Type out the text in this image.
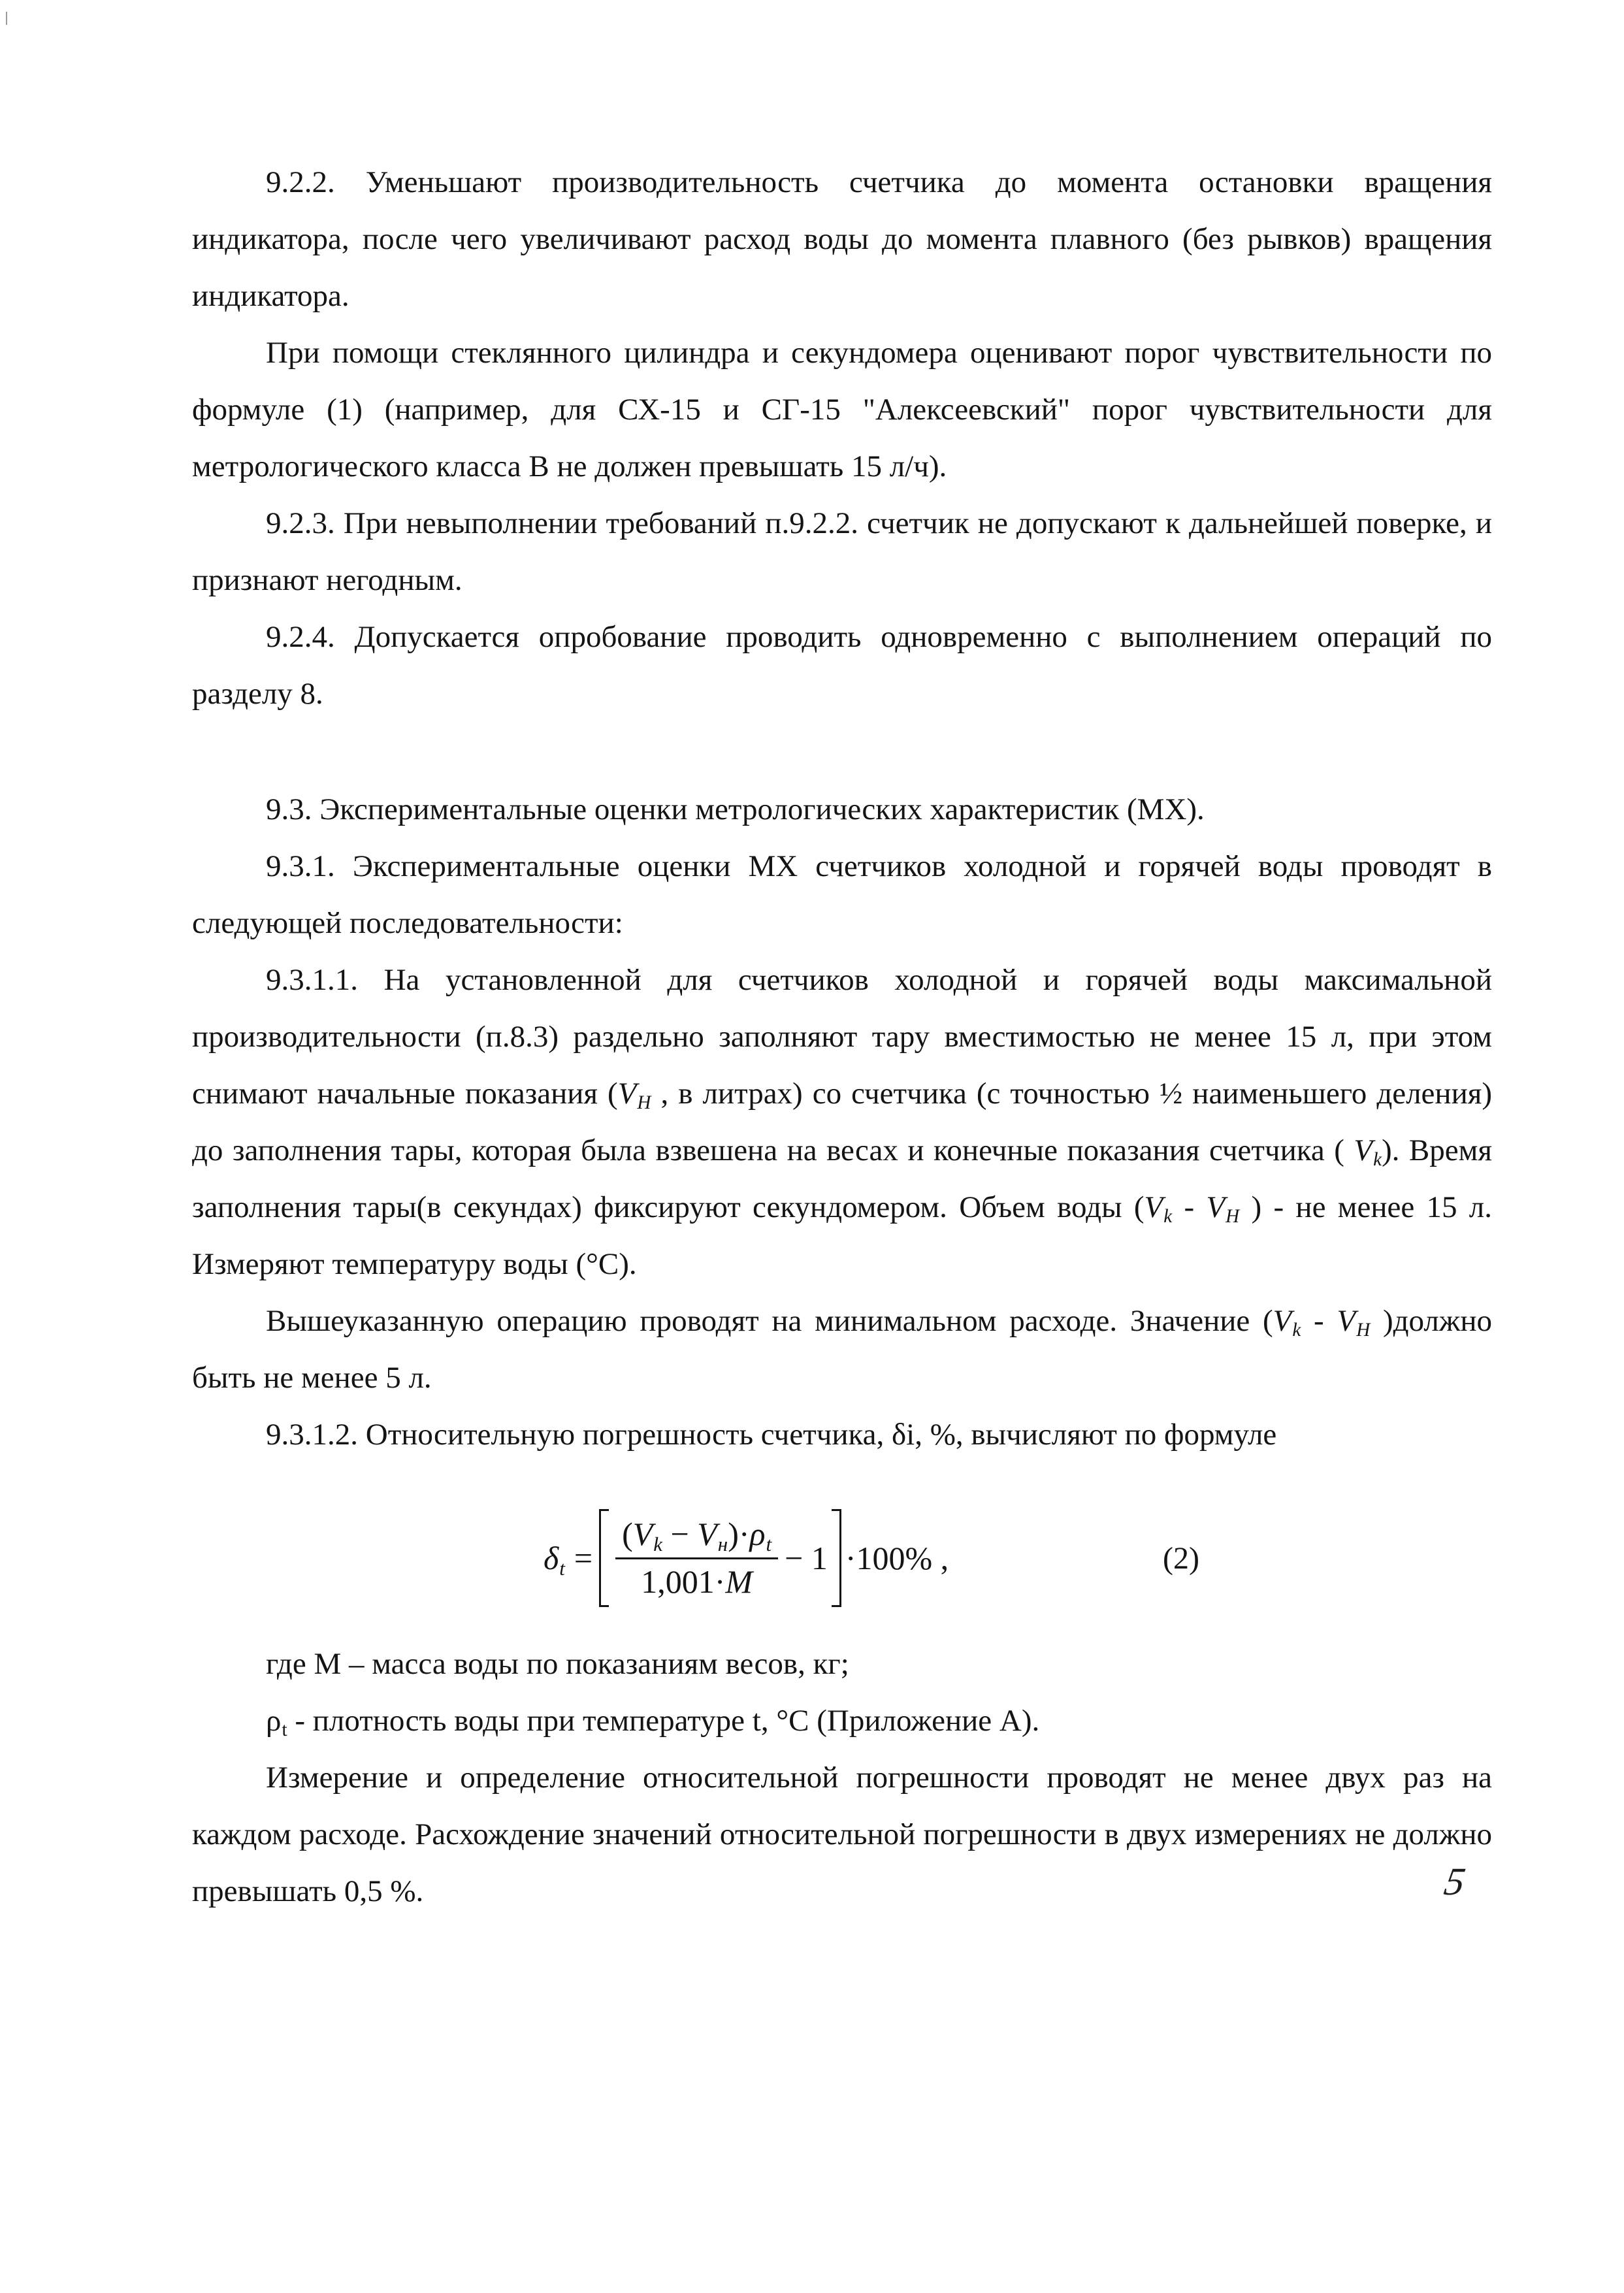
9.2.2. Уменьшают производительность счетчика до момента остановки вращения индикатора, после чего увеличивают расход воды до момента плавного (без рывков) вращения индикатора.

При помощи стеклянного цилиндра и секундомера оценивают порог чувствительности по формуле (1) (например, для СХ-15 и СГ-15 "Алексеевский" порог чувствительности для метрологического класса В не должен превышать 15 л/ч).

9.2.3. При невыполнении требований п.9.2.2. счетчик не допускают к дальнейшей поверке, и признают негодным.

9.2.4. Допускается опробование проводить одновременно с выполнением операций по разделу 8.

9.3. Экспериментальные оценки метрологических характеристик (МХ).

9.3.1. Экспериментальные оценки МХ счетчиков холодной и горячей воды проводят в следующей последовательности:

9.3.1.1. На установленной для счетчиков холодной и горячей воды максимальной производительности (п.8.3) раздельно заполняют тару вместимостью не менее 15 л, при этом снимают начальные показания ($V_Н$ , в литрах) со счетчика (с точностью ½ наименьшего деления) до заполнения тары, которая была взвешена на весах и конечные показания счетчика ( $V_k$). Время заполнения тары(в секундах) фиксируют секундомером. Объем воды ($V_k - V_Н$ ) - не менее 15 л. Измеряют температуру воды (°С).

Вышеуказанную операцию проводят на минимальном расходе. Значение ($V_k - V_Н$ )должно быть не менее 5 л.

9.3.1.2. Относительную погрешность счетчика, δi, %, вычисляют по формуле

$\delta_t = \frac{(V_k - V_н)\cdot\rho_t}{1,001\cdot M} - 1 \cdot 100\%$ ,	(2)

где М – масса воды по показаниям весов, кг;

$\rho_t$ - плотность воды при температуре t, °С (Приложение А).

Измерение и определение относительной погрешности проводят не менее двух раз на каждом расходе. Расхождение значений относительной погрешности в двух измерениях не должно превышать 0,5 %.	5
